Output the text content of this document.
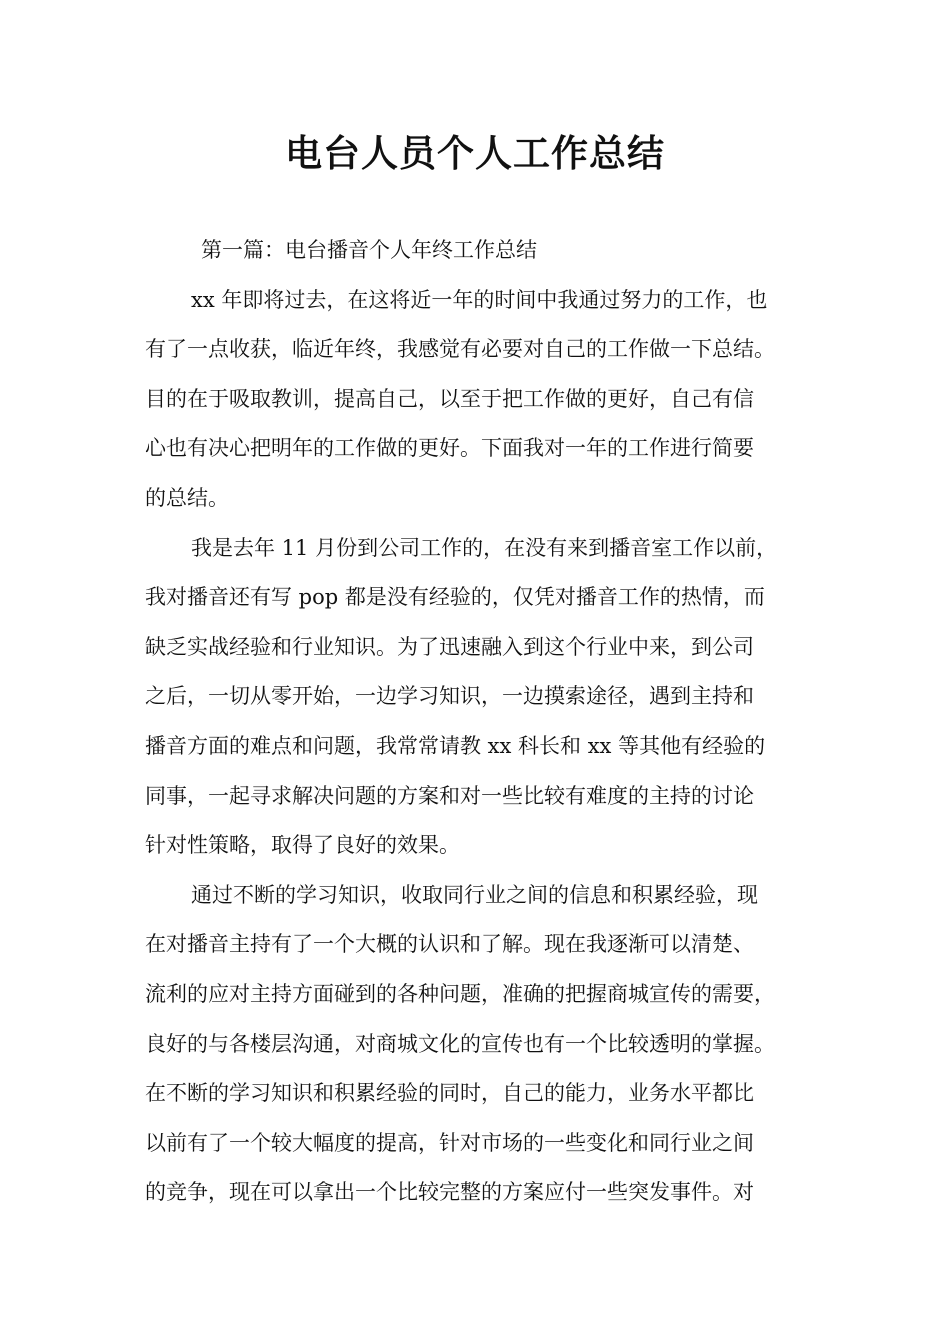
电台人员个人工作总结
第一篇：电台播音个人年终工作总结
xx 年即将过去，在这将近一年的时间中我通过努力的工作，也
有了一点收获，临近年终，我感觉有必要对自己的工作做一下总结。
目的在于吸取教训，提高自己，以至于把工作做的更好，自己有信
心也有决心把明年的工作做的更好。下面我对一年的工作进行简要
的总结。
我是去年 11 月份到公司工作的，在没有来到播音室工作以前，
我对播音还有写 pop 都是没有经验的，仅凭对播音工作的热情，而
缺乏实战经验和行业知识。为了迅速融入到这个行业中来，到公司
之后，一切从零开始，一边学习知识，一边摸索途径，遇到主持和
播音方面的难点和问题，我常常请教 xx 科长和 xx 等其他有经验的
同事，一起寻求解决问题的方案和对一些比较有难度的主持的讨论
针对性策略，取得了良好的效果。
通过不断的学习知识，收取同行业之间的信息和积累经验，现
在对播音主持有了一个大概的认识和了解。现在我逐渐可以清楚、
流利的应对主持方面碰到的各种问题，准确的把握商城宣传的需要，
良好的与各楼层沟通，对商城文化的宣传也有一个比较透明的掌握。
在不断的学习知识和积累经验的同时，自己的能力，业务水平都比
以前有了一个较大幅度的提高，针对市场的一些变化和同行业之间
的竞争，现在可以拿出一个比较完整的方案应付一些突发事件。对
